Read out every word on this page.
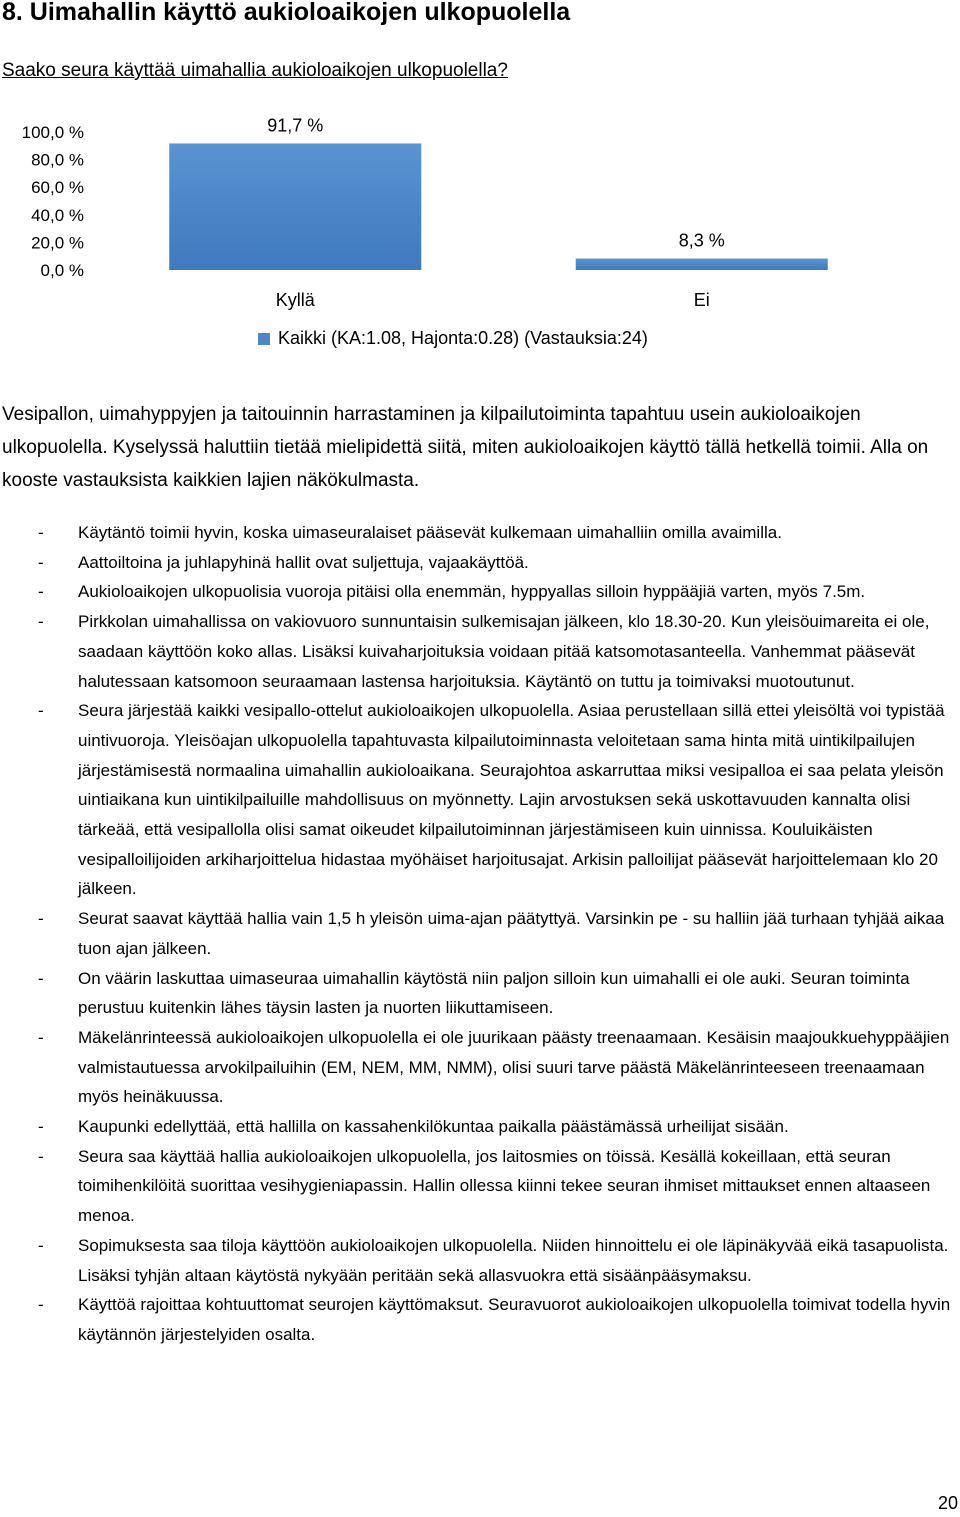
8. Uimahallin käyttö aukioloaikojen ulkopuolella
Saako seura käyttää uimahallia aukioloaikojen ulkopuolella?
100,0 %
80,0 %
60,0 %
40,0 %
20,0 %
0,0 %
91,7 %
8,3 %
Kyllä	Ei
Kaikki (KA:1.08, Hajonta:0.28) (Vastauksia:24)

Vesipallon, uimahyppyjen ja taitouinnin harrastaminen ja kilpailutoiminta tapahtuu usein aukioloaikojen ulkopuolella. Kyselyssä haluttiin tietää mielipidettä siitä, miten aukioloaikojen käyttö tällä hetkellä toimii. Alla on kooste vastauksista kaikkien lajien näkökulmasta.

- Käytäntö toimii hyvin, koska uimaseuralaiset pääsevät kulkemaan uimahalliin omilla avaimilla.
- Aattoiltoina ja juhlapyhinä hallit ovat suljettuja, vajaakäyttöä.
- Aukioloaikojen ulkopuolisia vuoroja pitäisi olla enemmän, hyppyallas silloin hyppääjiä varten, myös 7.5m.
- Pirkkolan uimahallissa on vakiovuoro sunnuntaisin sulkemisajan jälkeen, klo 18.30-20. Kun yleisöuimareita ei ole, saadaan käyttöön koko allas. Lisäksi kuivaharjoituksia voidaan pitää katsomotasanteella. Vanhemmat pääsevät halutessaan katsomoon seuraamaan lastensa harjoituksia. Käytäntö on tuttu ja toimivaksi muotoutunut.
- Seura järjestää kaikki vesipallo-ottelut aukioloaikojen ulkopuolella. Asiaa perustellaan sillä ettei yleisöltä voi typistää uintivuoroja. Yleisöajan ulkopuolella tapahtuvasta kilpailutoiminnasta veloitetaan sama hinta mitä uintikilpailujen järjestämisestä normaalina uimahallin aukioloaikana. Seurajohtoa askarruttaa miksi vesipalloa ei saa pelata yleisön uintiaikana kun uintikilpailuille mahdollisuus on myönnetty. Lajin arvostuksen sekä uskottavuuden kannalta olisi tärkeää, että vesipallolla olisi samat oikeudet kilpailutoiminnan järjestämiseen kuin uinnissa. Kouluikäisten vesipalloilijoiden arkiharjoittelua hidastaa myöhäiset harjoitusajat. Arkisin palloilijat pääsevät harjoittelemaan klo 20 jälkeen.
- Seurat saavat käyttää hallia vain 1,5 h yleisön uima-ajan päätyttyä. Varsinkin pe - su halliin jää turhaan tyhjää aikaa tuon ajan jälkeen.
- On väärin laskuttaa uimaseuraa uimahallin käytöstä niin paljon silloin kun uimahalli ei ole auki. Seuran toiminta perustuu kuitenkin lähes täysin lasten ja nuorten liikuttamiseen.
- Mäkelänrinteessä aukioloaikojen ulkopuolella ei ole juurikaan päästy treenaamaan. Kesäisin maajoukkuehyppääjien valmistautuessa arvokilpailuihin (EM, NEM, MM, NMM), olisi suuri tarve päästä Mäkelänrinteeseen treenaamaan myös heinäkuussa.
- Kaupunki edellyttää, että hallilla on kassahenkilökuntaa paikalla päästämässä urheilijat sisään.
- Seura saa käyttää hallia aukioloaikojen ulkopuolella, jos laitosmies on töissä. Kesällä kokeillaan, että seuran toimihenkilöitä suorittaa vesihygieniapassin. Hallin ollessa kiinni tekee seuran ihmiset mittaukset ennen altaaseen menoa.
- Sopimuksesta saa tiloja käyttöön aukioloaikojen ulkopuolella. Niiden hinnoittelu ei ole läpinäkyvää eikä tasapuolista. Lisäksi tyhjän altaan käytöstä nykyään peritään sekä allasvuokra että sisäänpääsymaksu.
- Käyttöä rajoittaa kohtuuttomat seurojen käyttömaksut. Seuravuorot aukioloaikojen ulkopuolella toimivat todella hyvin käytännön järjestelyiden osalta.
20
